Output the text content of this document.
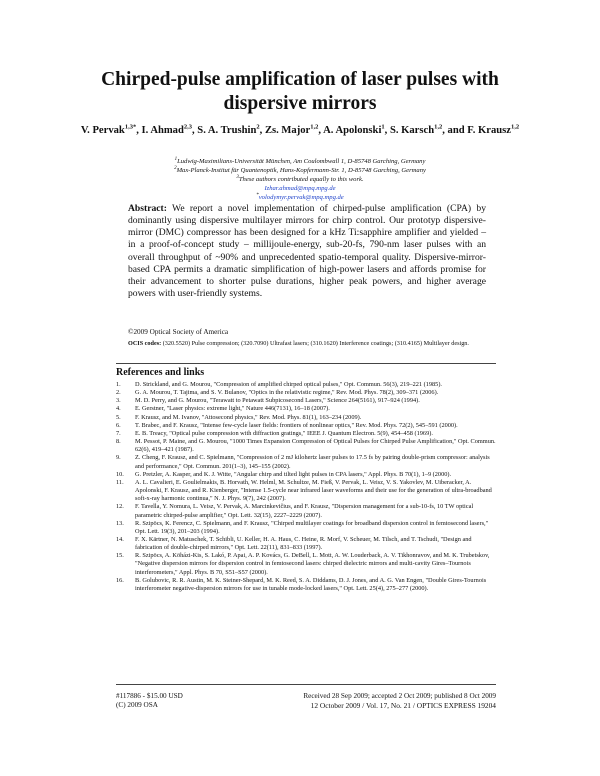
Chirped-pulse amplification of laser pulses with dispersive mirrors
V. Pervak$^{1,3*}$, I. Ahmad$^{2,3}$, S. A. Trushin$^2$, Zs. Major$^{1,2}$, A. Apolonski$^1$, S. Karsch$^{1,2}$, and F. Krausz$^{1,2}$
$^1$Ludwig-Maximilians-Universität München, Am Coulombwall 1, D-85748 Garching, Germany
$^2$Max-Planck-Institut für Quantenoptik, Hans-Kopfermann-Str. 1, D-85748 Garching, Germany
$^3$These authors contributed equally to this work.
Izhar.ahmad@mpq.mpg.de
*volodymyr.pervak@mpq.mpg.de

Abstract: We report a novel implementation of chirped-pulse amplification (CPA) by dominantly using dispersive multilayer mirrors for chirp control. Our prototyp dispersive-mirror (DMC) compressor has been designed for a kHz Ti:sapphire amplifier and yielded – in a proof-of-concept study – millijoule-energy, sub-20-fs, 790-nm laser pulses with an overall throughput of ~90% and unprecedented spatio-temporal quality. Dispersive-mirror-based CPA permits a dramatic simplification of high-power lasers and affords promise for their advancement to shorter pulse durations, higher peak powers, and higher average powers with user-friendly systems.

©2009 Optical Society of America
OCIS codes: (320.5520) Pulse compression; (320.7090) Ultrafast lasers; (310.1620) Interference coatings; (310.4165) Multilayer design.
References and links
1. D. Strickland, and G. Mourou, "Compression of amplified chirped optical pulses," Opt. Commun. 56(3), 219–221 (1985).
2. G. A. Mourou, T. Tajima, and S. V. Bulanov, "Optics in the relativistic regime," Rev. Mod. Phys. 78(2), 309–371 (2006).
3. M. D. Perry, and G. Mourou, "Terawatt to Petawatt Subpicosecond Lasers," Science 264(5161), 917–924 (1994).
4. E. Gerstner, "Laser physics: extreme light," Nature 446(7131), 16–18 (2007).
5. F. Krausz, and M. Ivanov, "Attosecond physics," Rev. Mod. Phys. 81(1), 163–234 (2009).
6. T. Brabec, and F. Krausz, "Intense few-cycle laser fields: frontiers of nonlinear optics," Rev. Mod. Phys. 72(2), 545–591 (2000).
7. E. B. Treacy, "Optical pulse compression with diffraction gratings," IEEE J. Quantum Electron. 5(9), 454–458 (1969).
8. M. Pessot, P. Maine, and G. Mourou, "1000 Times Expansion Compression of Optical Pulses for Chirped Pulse Amplification," Opt. Commun. 62(6), 419–421 (1987).
9. Z. Cheng, F. Krausz, and C. Spielmann, "Compression of 2 mJ kilohertz laser pulses to 17.5 fs by pairing double-prism compressor: analysis and performance," Opt. Commun. 201(1–3), 145–155 (2002).
10. G. Pretzler, A. Kasper, and K. J. Witte, "Angular chirp and tilted light pulses in CPA lasers," Appl. Phys. B 70(1), 1–9 (2000).
11. A. L. Cavalieri, E. Goulielmakis, B. Horvath, W. Helml, M. Schultze, M. Fieß, V. Pervak, L. Veisz, V. S. Yakovlev, M. Uiberacker, A. Apolonski, F. Krausz, and R. Kienberger, "Intense 1.5-cycle near infrared laser waveforms and their use for the generation of ultra-broadband soft-x-ray harmonic continua," N. J. Phys. 9(7), 242 (2007).
12. F. Tavella, Y. Nomura, L. Veisz, V. Pervak, A. Marcinkevičius, and F. Krausz, "Dispersion management for a sub-10-fs, 10 TW optical parametric chirped-pulse amplifier," Opt. Lett. 32(15), 2227–2229 (2007).
13. R. Szipöcs, K. Ferencz, C. Spielmann, and F. Krausz, "Chirped multilayer coatings for broadband dispersion control in femtosecond lasers," Opt. Lett. 19(3), 201–203 (1994).
14. F. X. Kärtner, N. Matuschek, T. Schibli, U. Keller, H. A. Haus, C. Heine, R. Morf, V. Scheuer, M. Tilsch, and T. Tschudi, "Design and fabrication of double-chirped mirrors," Opt. Lett. 22(11), 831–833 (1997).
15. R. Szipöcs, A. Köházi-Kis, S. Lakó, P. Apai, A. P. Kovács, G. DeBell, L. Mott, A. W. Louderback, A. V. Tikhonravov, and M. K. Trubetskov, "Negative dispersion mirrors for dispersion control in femtosecond lasers: chirped dielectric mirrors and multi-cavity Gires–Tournois interferometers," Appl. Phys. B 70, S51–S57 (2000).
16. B. Golubovic, R. R. Austin, M. K. Steiner-Shepard, M. K. Reed, S. A. Diddams, D. J. Jones, and A. G. Van Engen, "Double Gires-Tournois interferometer negative-dispersion mirrors for use in tunable mode-locked lasers," Opt. Lett. 25(4), 275–277 (2000).
#117886 - $15.00 USD	Received 28 Sep 2009; accepted 2 Oct 2009; published 8 Oct 2009
(C) 2009 OSA	12 October 2009 / Vol. 17, No. 21 / OPTICS EXPRESS 19204
